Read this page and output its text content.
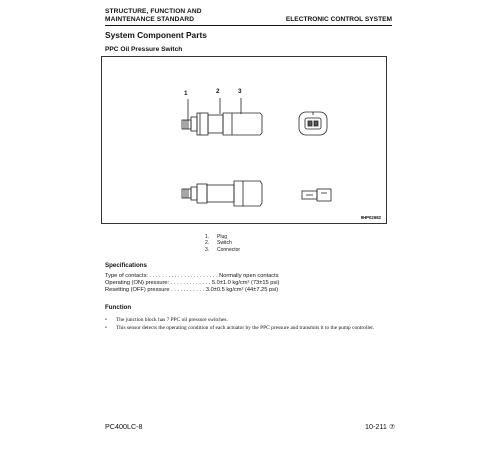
STRUCTURE, FUNCTION AND
MAINTENANCE STANDARD	ELECTRONIC CONTROL SYSTEM
System Component Parts
PPC Oil Pressure Switch
1	2	3
9HP02682
1. Plug
2. Switch
3. Connector
Specifications
Type of contacts: . . . . . . . . . . . . . . . . . . . . . . Normally open contacts
Operating (ON) pressure: . . . . . . . . . . . . . 5.0±1.0 kg/cm² (73±15 psi)
Resetting (OFF) pressure . . . . . . . . . . . 3.0±0.5 kg/cm² (44±7.25 psi)
Function
• The junction block has 7 PPC oil pressure switches.
• This sensor detects the operating condition of each actuator by the PPC pressure and transmits it to the pump controller.
PC400LC-8	10-211 ⑦
